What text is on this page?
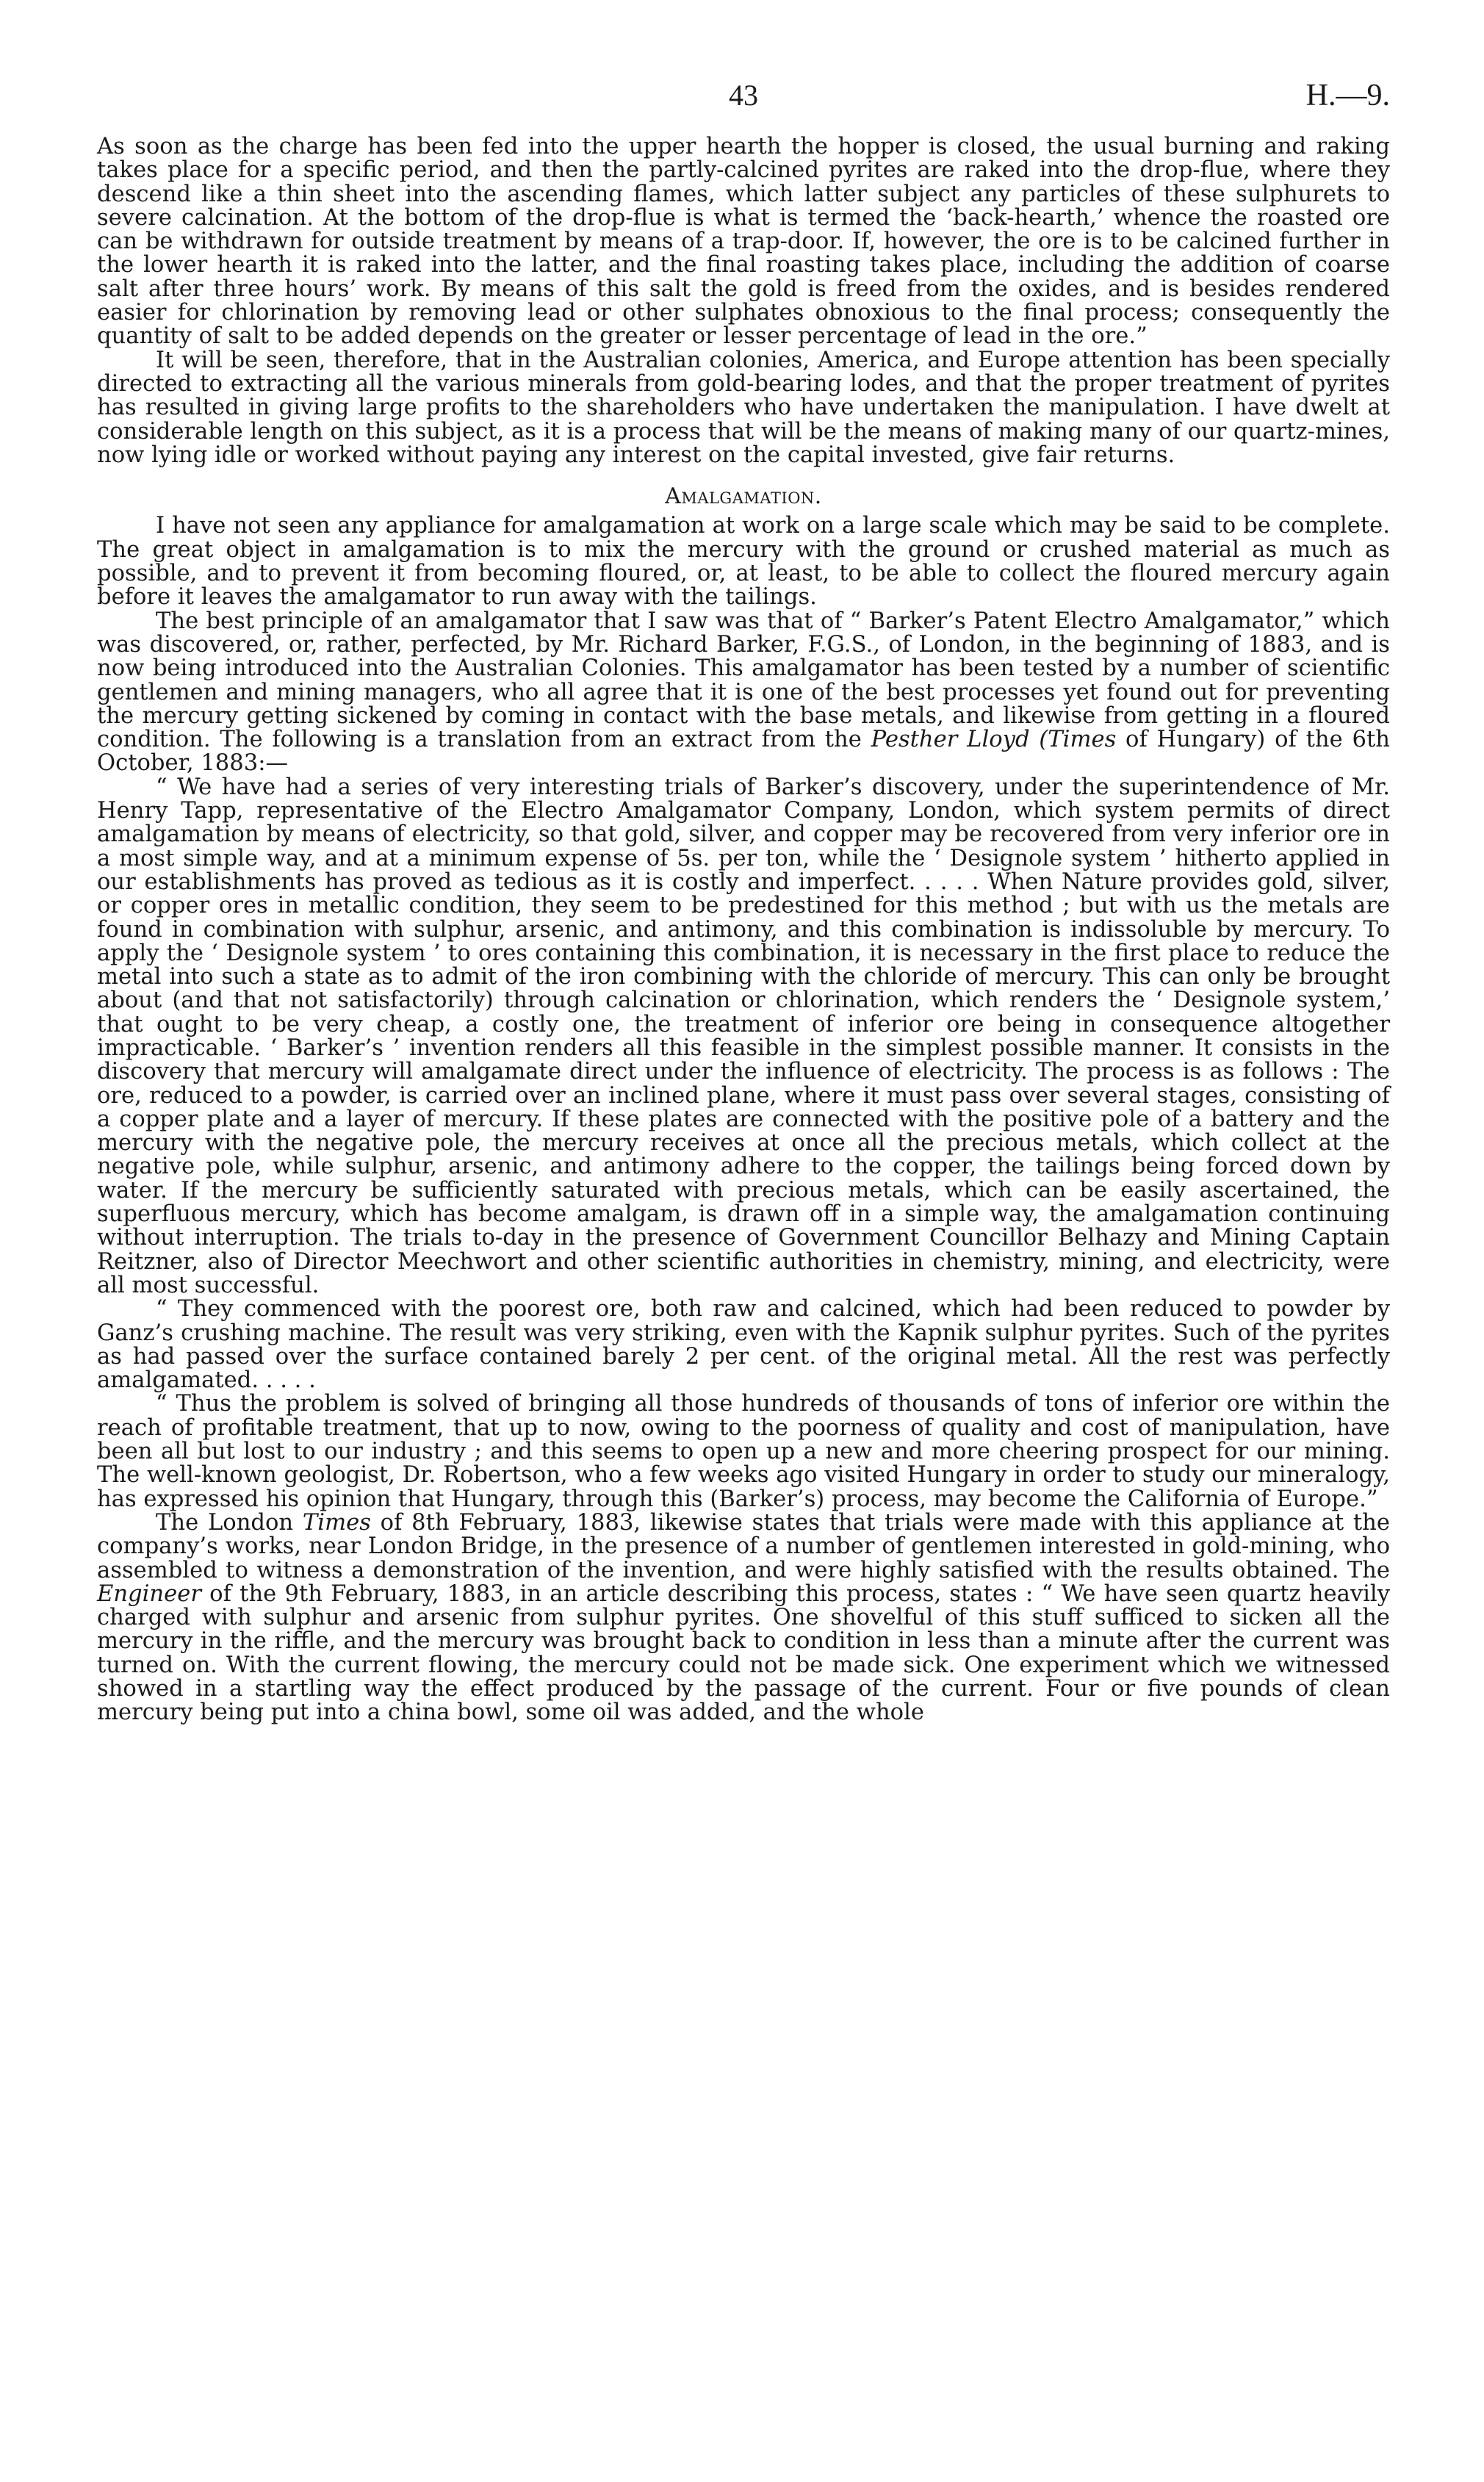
43	H.—9.

As soon as the charge has been fed into the upper hearth the hopper is closed, the usual burning and raking takes place for a specific period, and then the partly-calcined pyrites are raked into the drop-flue, where they descend like a thin sheet into the ascending flames, which latter subject any particles of these sulphurets to severe calcination. At the bottom of the drop-flue is what is termed the ‘back-hearth,’ whence the roasted ore can be withdrawn for outside treatment by means of a trap-door. If, however, the ore is to be calcined further in the lower hearth it is raked into the latter, and the final roasting takes place, including the addition of coarse salt after three hours’ work. By means of this salt the gold is freed from the oxides, and is besides rendered easier for chlorination by removing lead or other sulphates obnoxious to the final process; consequently the quantity of salt to be added depends on the greater or lesser percentage of lead in the ore.”

It will be seen, therefore, that in the Australian colonies, America, and Europe attention has been specially directed to extracting all the various minerals from gold-bearing lodes, and that the proper treatment of pyrites has resulted in giving large profits to the shareholders who have undertaken the manipulation. I have dwelt at considerable length on this subject, as it is a process that will be the means of making many of our quartz-mines, now lying idle or worked without paying any interest on the capital invested, give fair returns.

Amalgamation.

I have not seen any appliance for amalgamation at work on a large scale which may be said to be complete. The great object in amalgamation is to mix the mercury with the ground or crushed material as much as possible, and to prevent it from becoming floured, or, at least, to be able to collect the floured mercury again before it leaves the amalgamator to run away with the tailings.

The best principle of an amalgamator that I saw was that of “ Barker’s Patent Electro Amalgamator,” which was discovered, or, rather, perfected, by Mr. Richard Barker, F.G.S., of London, in the beginning of 1883, and is now being introduced into the Australian Colonies. This amalgamator has been tested by a number of scientific gentlemen and mining managers, who all agree that it is one of the best processes yet found out for preventing the mercury getting sickened by coming in contact with the base metals, and likewise from getting in a floured condition. The following is a translation from an extract from the Pesther Lloyd (Times of Hungary) of the 6th October, 1883:—

“ We have had a series of very interesting trials of Barker’s discovery, under the superintendence of Mr. Henry Tapp, representative of the Electro Amalgamator Company, London, which system permits of direct amalgamation by means of electricity, so that gold, silver, and copper may be recovered from very inferior ore in a most simple way, and at a minimum expense of 5s. per ton, while the ‘ Designole system ’ hitherto applied in our establishments has proved as tedious as it is costly and imperfect. . . . . When Nature provides gold, silver, or copper ores in metallic condition, they seem to be predestined for this method ; but with us the metals are found in combination with sulphur, arsenic, and antimony, and this combination is indissoluble by mercury. To apply the ‘ Designole system ’ to ores containing this combination, it is necessary in the first place to reduce the metal into such a state as to admit of the iron combining with the chloride of mercury. This can only be brought about (and that not satisfactorily) through calcination or chlorination, which renders the ‘ Designole system,’ that ought to be very cheap, a costly one, the treatment of inferior ore being in consequence altogether impracticable. ‘ Barker’s ’ invention renders all this feasible in the simplest possible manner. It consists in the discovery that mercury will amalgamate direct under the influence of electricity. The process is as follows : The ore, reduced to a powder, is carried over an inclined plane, where it must pass over several stages, consisting of a copper plate and a layer of mercury. If these plates are connected with the positive pole of a battery and the mercury with the negative pole, the mercury receives at once all the precious metals, which collect at the negative pole, while sulphur, arsenic, and antimony adhere to the copper, the tailings being forced down by water. If the mercury be sufficiently saturated with precious metals, which can be easily ascertained, the superfluous mercury, which has become amalgam, is drawn off in a simple way, the amalgamation continuing without interruption. The trials to-day in the presence of Government Councillor Belhazy and Mining Captain Reitzner, also of Director Meechwort and other scientific authorities in chemistry, mining, and electricity, were all most successful.

“ They commenced with the poorest ore, both raw and calcined, which had been reduced to powder by Ganz’s crushing machine. The result was very striking, even with the Kapnik sulphur pyrites. Such of the pyrites as had passed over the surface contained barely 2 per cent. of the original metal. All the rest was perfectly amalgamated. . . . .

“ Thus the problem is solved of bringing all those hundreds of thousands of tons of inferior ore within the reach of profitable treatment, that up to now, owing to the poorness of quality and cost of manipulation, have been all but lost to our industry ; and this seems to open up a new and more cheering prospect for our mining. The well-known geologist, Dr. Robertson, who a few weeks ago visited Hungary in order to study our mineralogy, has expressed his opinion that Hungary, through this (Barker’s) process, may become the California of Europe.”

The London Times of 8th February, 1883, likewise states that trials were made with this appliance at the company’s works, near London Bridge, in the presence of a number of gentlemen interested in gold-mining, who assembled to witness a demonstration of the invention, and were highly satisfied with the results obtained. The Engineer of the 9th February, 1883, in an article describing this process, states : “ We have seen quartz heavily charged with sulphur and arsenic from sulphur pyrites. One shovelful of this stuff sufficed to sicken all the mercury in the riffle, and the mercury was brought back to condition in less than a minute after the current was turned on. With the current flowing, the mercury could not be made sick. One experiment which we witnessed showed in a startling way the effect produced by the passage of the current. Four or five pounds of clean mercury being put into a china bowl, some oil was added, and the whole
